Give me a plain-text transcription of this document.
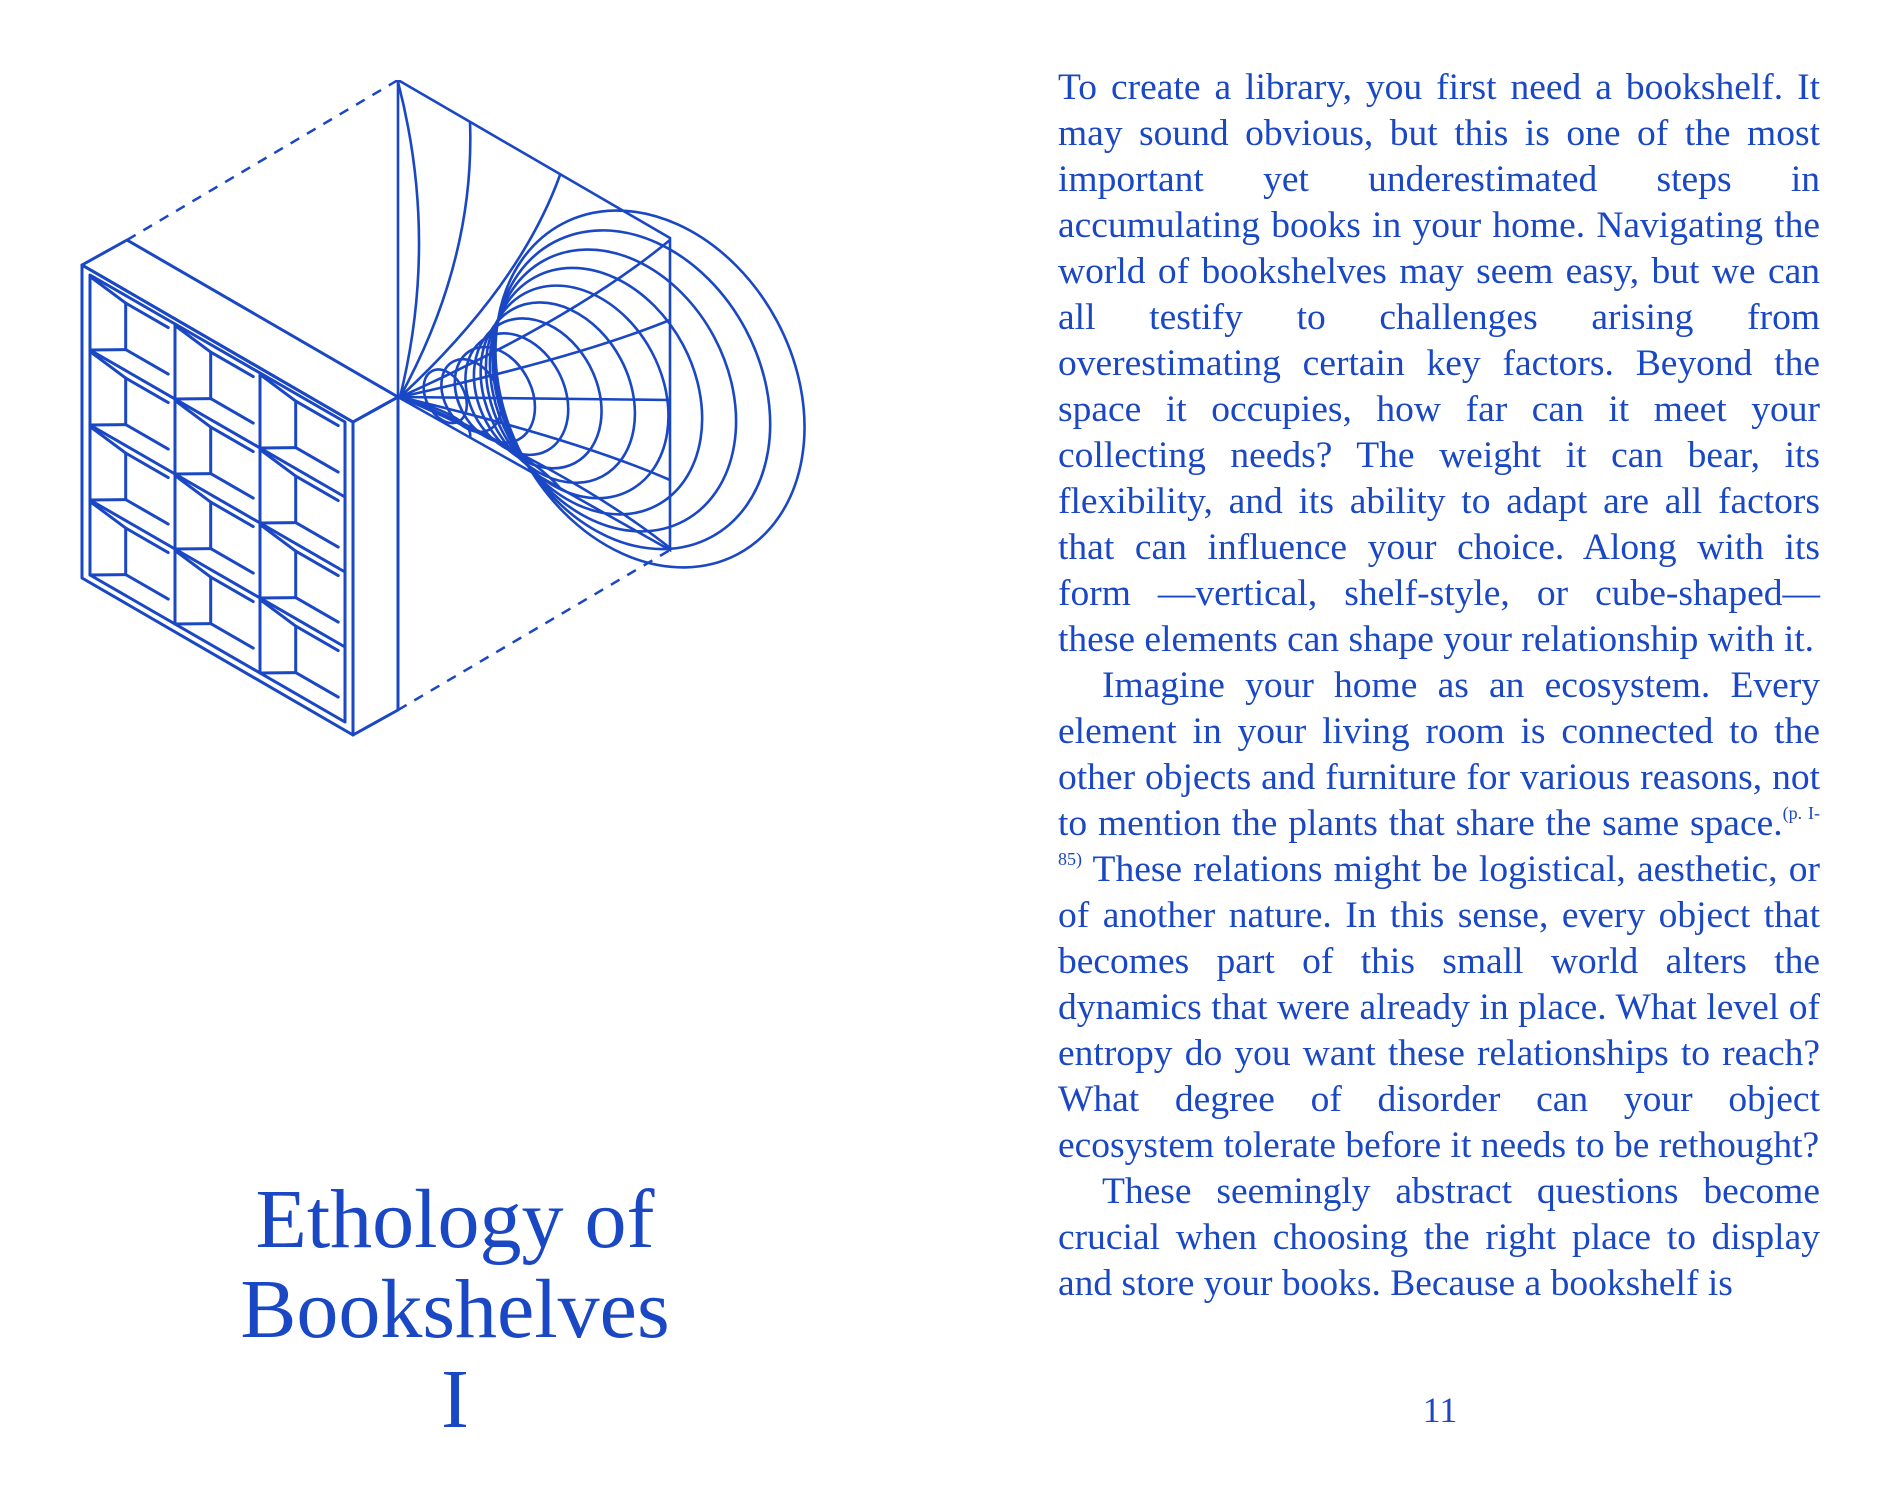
Ethology of
Bookshelves
I

To create a library, you first need a bookshelf. It may sound obvious, but this is one of the most important yet underestimated steps in accumulating books in your home. Navigating the world of bookshelves may seem easy, but we can all testify to challenges arising from overestimating certain key factors. Beyond the space it occupies, how far can it meet your collecting needs? The weight it can bear, its flexibility, and its ability to adapt are all factors that can influence your choice. Along with its form —vertical, shelf-style, or cube-shaped—these elements can shape your relationship with it.

Imagine your home as an ecosystem. Every element in your living room is connected to the other objects and furniture for various reasons, not to mention the plants that share the same space.$^{(p. I-85)}$ These relations might be logistical, aesthetic, or of another nature. In this sense, every object that becomes part of this small world alters the dynamics that were already in place. What level of entropy do you want these relationships to reach? What degree of disorder can your object ecosystem tolerate before it needs to be rethought?

These seemingly abstract questions become crucial when choosing the right place to display and store your books. Because a bookshelf is

11
